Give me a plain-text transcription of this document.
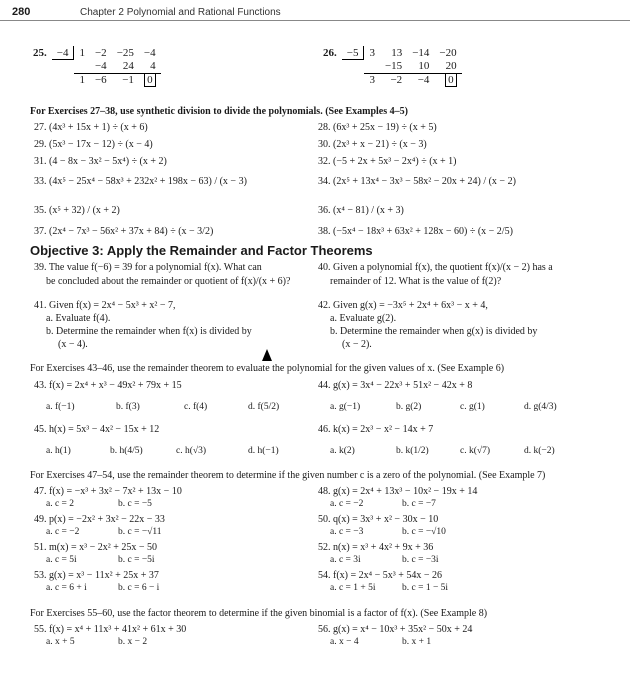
280	Chapter 2 Polynomial and Rational Functions
25.	−4	1	−2	−25	−4
			−4	24	4
		1	−6	−1	0
26.	−5	3	13	−14	−20
			−15	10	20
		3	−2	−4	0
For Exercises 27–38, use synthetic division to divide the polynomials. (See Examples 4–5)
27. (4x³ + 15x + 1) ÷ (x + 6)	28. (6x³ + 25x − 19) ÷ (x + 5)
29. (5x³ − 17x − 12) ÷ (x − 4)	30. (2x³ + x − 21) ÷ (x − 3)
31. (4 − 8x − 3x² − 5x⁴) ÷ (x + 2)	32. (−5 + 2x + 5x³ − 2x⁴) ÷ (x + 1)
33. (4x⁵ − 25x⁴ − 58x³ + 232x² + 198x − 63) / (x − 3)	34. (2x⁵ + 13x⁴ − 3x³ − 58x² − 20x + 24) / (x − 2)
35. (x⁵ + 32) / (x + 2)	36. (x⁴ − 81) / (x + 3)
37. (2x⁴ − 7x³ − 56x² + 37x + 84) ÷ (x − 3/2)	38. (−5x⁴ − 18x³ + 63x² + 128x − 60) ÷ (x − 2/5)
Objective 3: Apply the Remainder and Factor Theorems
39. The value f(−6) = 39 for a polynomial f(x). What can
be concluded about the remainder or quotient of f(x)/(x + 6)?
40. Given a polynomial f(x), the quotient f(x)/(x − 2) has a
remainder of 12. What is the value of f(2)?
41. Given f(x) = 2x⁴ − 5x³ + x² − 7,
a. Evaluate f(4).
b. Determine the remainder when f(x) is divided by
(x − 4).
42. Given g(x) = −3x⁵ + 2x⁴ + 6x³ − x + 4,
a. Evaluate g(2).
b. Determine the remainder when g(x) is divided by
(x − 2).
For Exercises 43–46, use the remainder theorem to evaluate the polynomial for the given values of x. (See Example 6)
43. f(x) = 2x⁴ + x³ − 49x² + 79x + 15
a. f(−1)	b. f(3)	c. f(4)	d. f(5/2)
44. g(x) = 3x⁴ − 22x³ + 51x² − 42x + 8
a. g(−1)	b. g(2)	c. g(1)	d. g(4/3)
45. h(x) = 5x³ − 4x² − 15x + 12
a. h(1)	b. h(4/5)	c. h(√3)	d. h(−1)
46. k(x) = 2x³ − x² − 14x + 7
a. k(2)	b. k(1/2)	c. k(√7)	d. k(−2)
For Exercises 47–54, use the remainder theorem to determine if the given number c is a zero of the polynomial. (See Example 7)
47. f(x) = −x³ + 3x² − 7x² + 13x − 10
a. c = 2	b. c = −5
48. g(x) = 2x⁴ + 13x³ − 10x² − 19x + 14
a. c = −2	b. c = −7
49. p(x) = −2x² + 3x² − 22x − 33
a. c = −2	b. c = −√11
50. q(x) = 3x³ + x² − 30x − 10
a. c = −3	b. c = −√10
51. m(x) = x³ − 2x² + 25x − 50
a. c = 5i	b. c = −5i
52. n(x) = x³ + 4x² + 9x + 36
a. c = 3i	b. c = −3i
53. g(x) = x³ − 11x² + 25x + 37
a. c = 6 + i	b. c = 6 − i
54. f(x) = 2x⁴ − 5x³ + 54x − 26
a. c = 1 + 5i	b. c = 1 − 5i
For Exercises 55–60, use the factor theorem to determine if the given binomial is a factor of f(x). (See Example 8)
55. f(x) = x⁴ + 11x³ + 41x² + 61x + 30
a. x + 5	b. x − 2
56. g(x) = x⁴ − 10x³ + 35x² − 50x + 24
a. x − 4	b. x + 1
